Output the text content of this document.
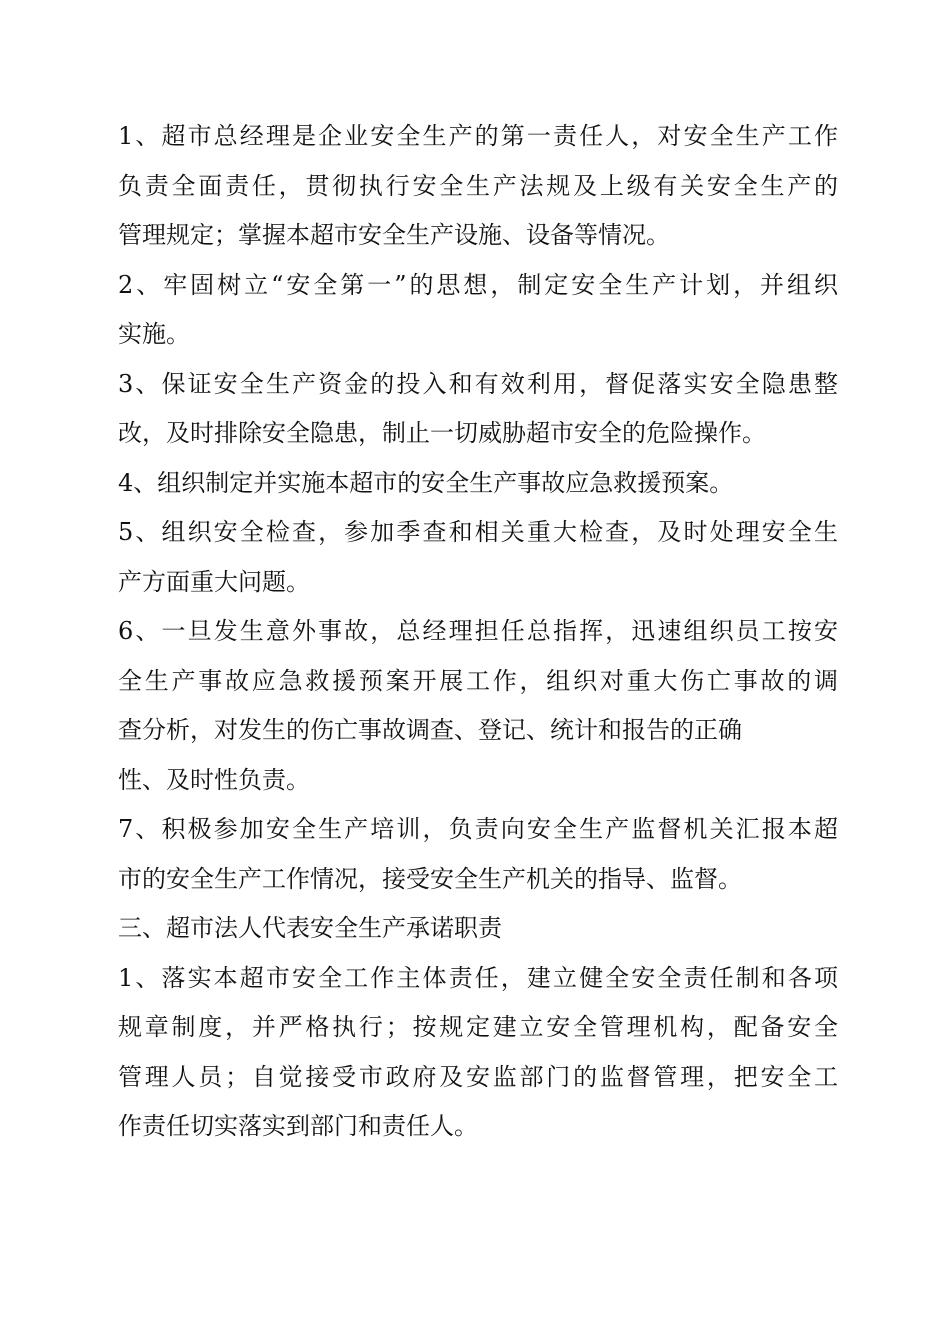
1、超市总经理是企业安全生产的第一责任人，对安全生产工作
负责全面责任，贯彻执行安全生产法规及上级有关安全生产的
管理规定；掌握本超市安全生产设施、设备等情况。
2、牢固树立“安全第一”的思想，制定安全生产计划，并组织
实施。
3、保证安全生产资金的投入和有效利用，督促落实安全隐患整
改，及时排除安全隐患，制止一切威胁超市安全的危险操作。
4、组织制定并实施本超市的安全生产事故应急救援预案。
5、组织安全检查，参加季查和相关重大检查，及时处理安全生
产方面重大问题。
6、一旦发生意外事故，总经理担任总指挥，迅速组织员工按安
全生产事故应急救援预案开展工作，组织对重大伤亡事故的调
查分析，对发生的伤亡事故调查、登记、统计和报告的正确
性、及时性负责。
7、积极参加安全生产培训，负责向安全生产监督机关汇报本超
市的安全生产工作情况，接受安全生产机关的指导、监督。
三、超市法人代表安全生产承诺职责
1、落实本超市安全工作主体责任，建立健全安全责任制和各项
规章制度，并严格执行；按规定建立安全管理机构，配备安全
管理人员；自觉接受市政府及安监部门的监督管理，把安全工
作责任切实落实到部门和责任人。
